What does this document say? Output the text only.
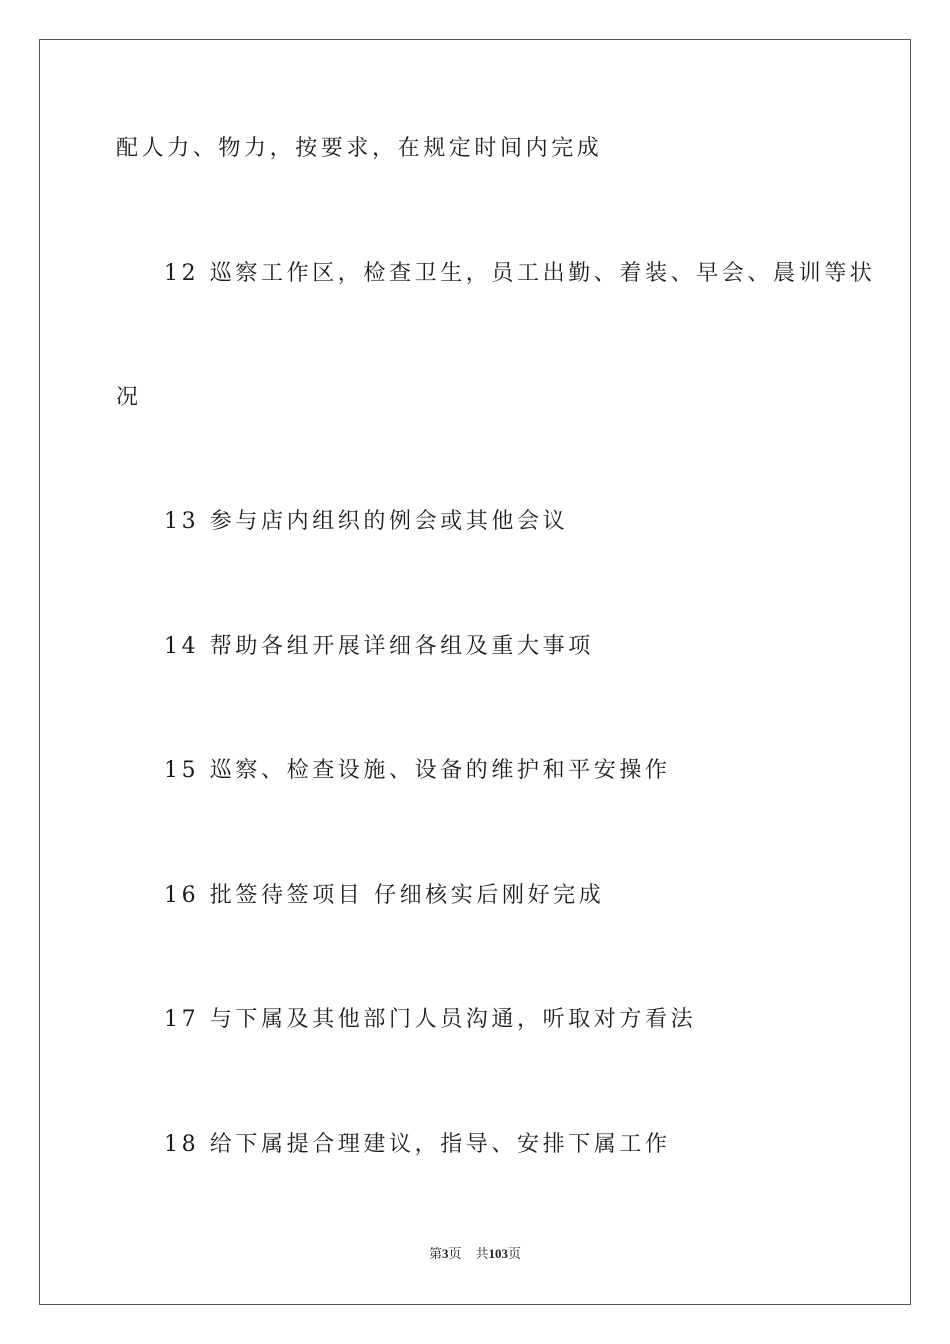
配人力、物力，按要求，在规定时间内完成
12 巡察工作区，检查卫生，员工出勤、着装、早会、晨训等状
况
13 参与店内组织的例会或其他会议
14 帮助各组开展详细各组及重大事项
15 巡察、检查设施、设备的维护和平安操作
16 批签待签项目 仔细核实后刚好完成
17 与下属及其他部门人员沟通，听取对方看法
18 给下属提合理建议，指导、安排下属工作
第3页 共103页
